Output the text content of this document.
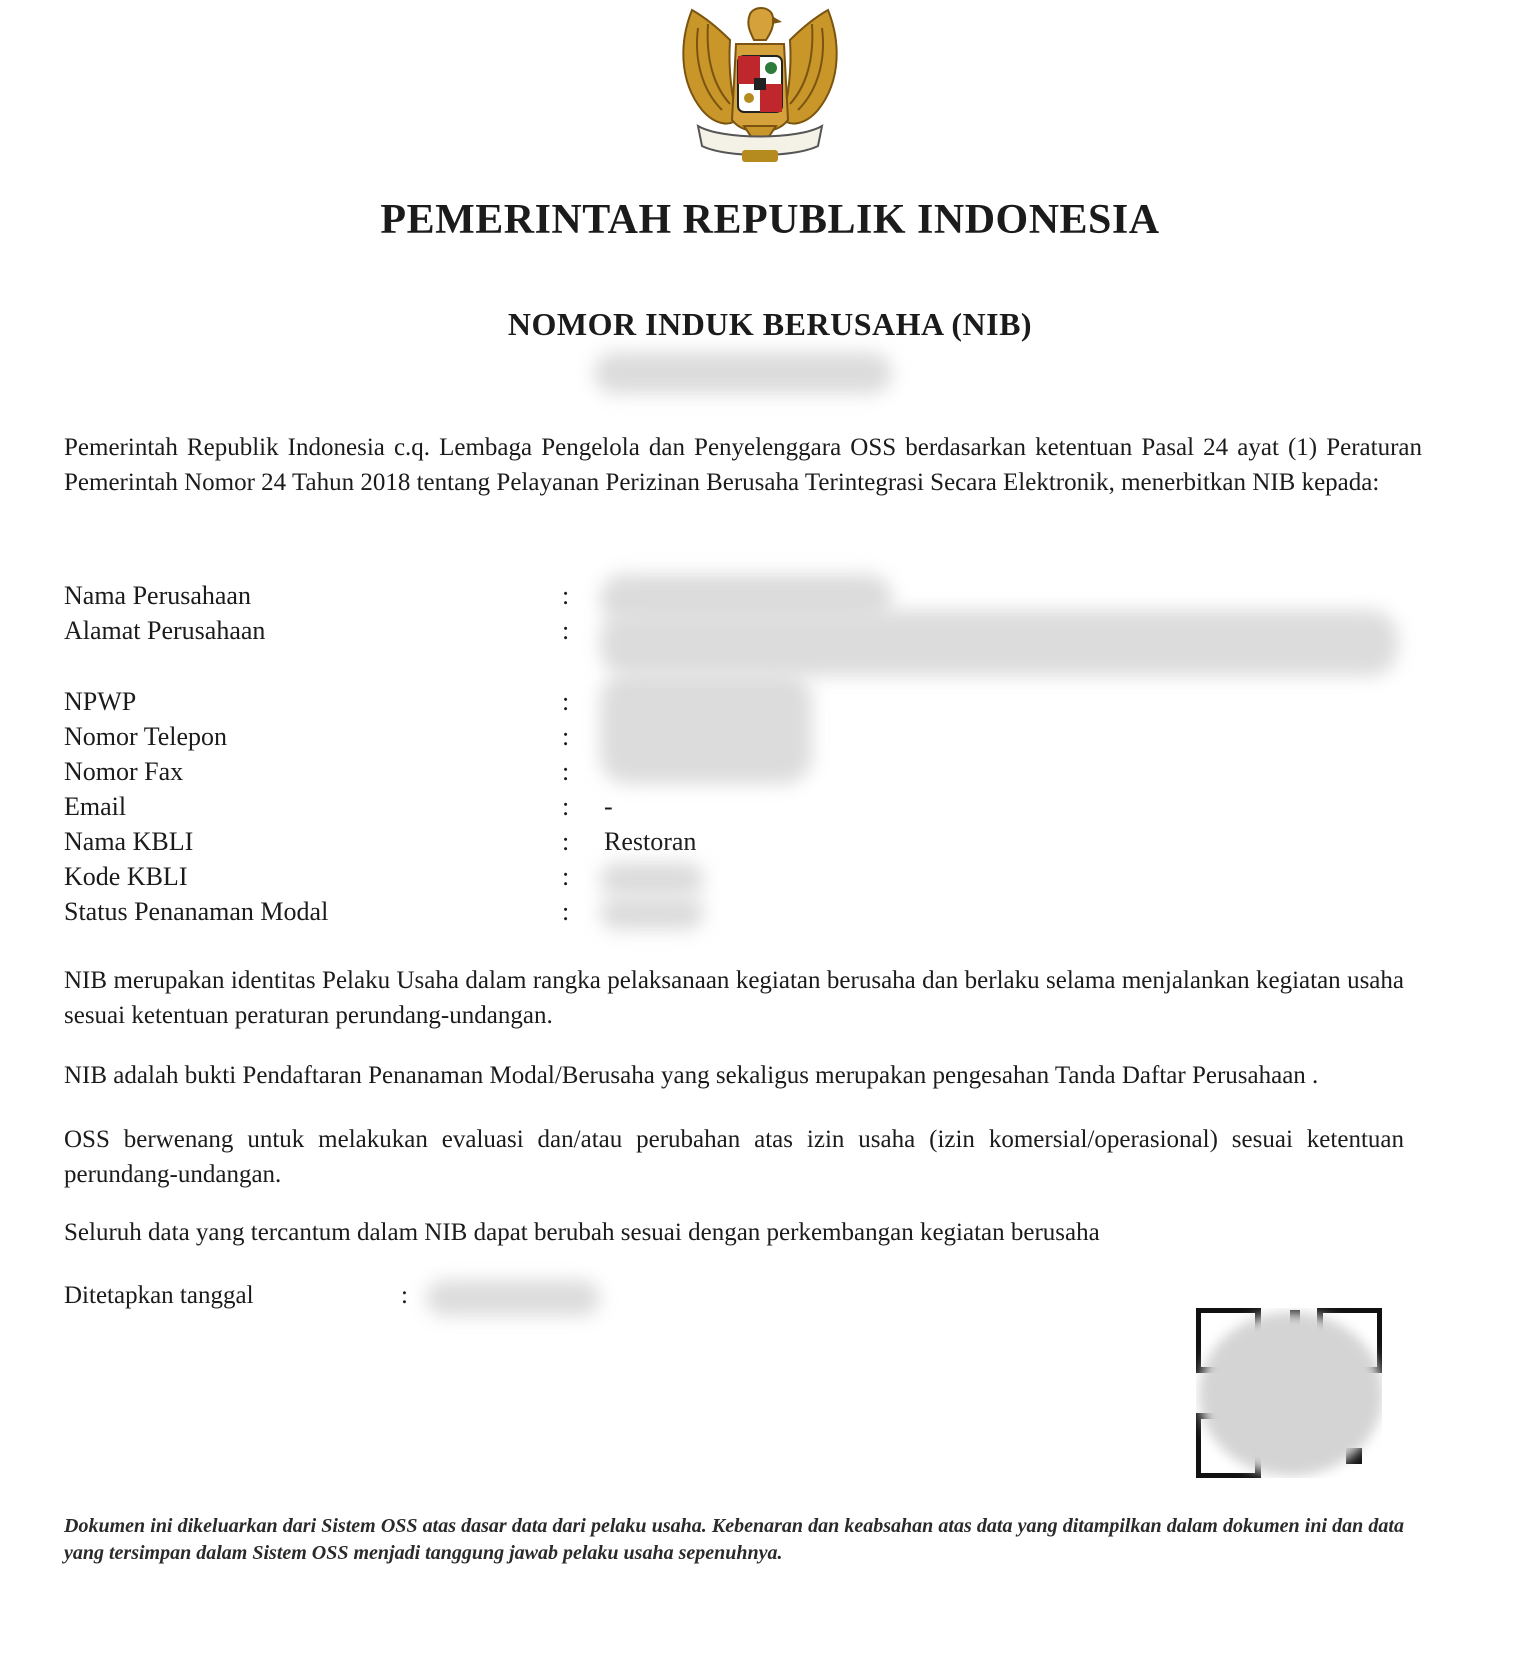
PEMERINTAH REPUBLIK INDONESIA
NOMOR INDUK BERUSAHA (NIB)
Pemerintah Republik Indonesia c.q. Lembaga Pengelola dan Penyelenggara OSS berdasarkan ketentuan Pasal 24 ayat (1) Peraturan Pemerintah Nomor 24 Tahun 2018 tentang Pelayanan Perizinan Berusaha Terintegrasi Secara Elektronik, menerbitkan NIB kepada:
Nama Perusahaan	:
Alamat Perusahaan	:
NPWP	:
Nomor Telepon	:
Nomor Fax	:
Email	: -
Nama KBLI	: Restoran
Kode KBLI	:
Status Penanaman Modal	:
NIB merupakan identitas Pelaku Usaha dalam rangka pelaksanaan kegiatan berusaha dan berlaku selama menjalankan kegiatan usaha sesuai ketentuan peraturan perundang-undangan.
NIB adalah bukti Pendaftaran Penanaman Modal/Berusaha yang sekaligus merupakan pengesahan Tanda Daftar Perusahaan .
OSS berwenang untuk melakukan evaluasi dan/atau perubahan atas izin usaha (izin komersial/operasional) sesuai ketentuan perundang-undangan.
Seluruh data yang tercantum dalam NIB dapat berubah sesuai dengan perkembangan kegiatan berusaha
Ditetapkan tanggal	:
Dokumen ini dikeluarkan dari Sistem OSS atas dasar data dari pelaku usaha. Kebenaran dan keabsahan atas data yang ditampilkan dalam dokumen ini dan data yang tersimpan dalam Sistem OSS menjadi tanggung jawab pelaku usaha sepenuhnya.
